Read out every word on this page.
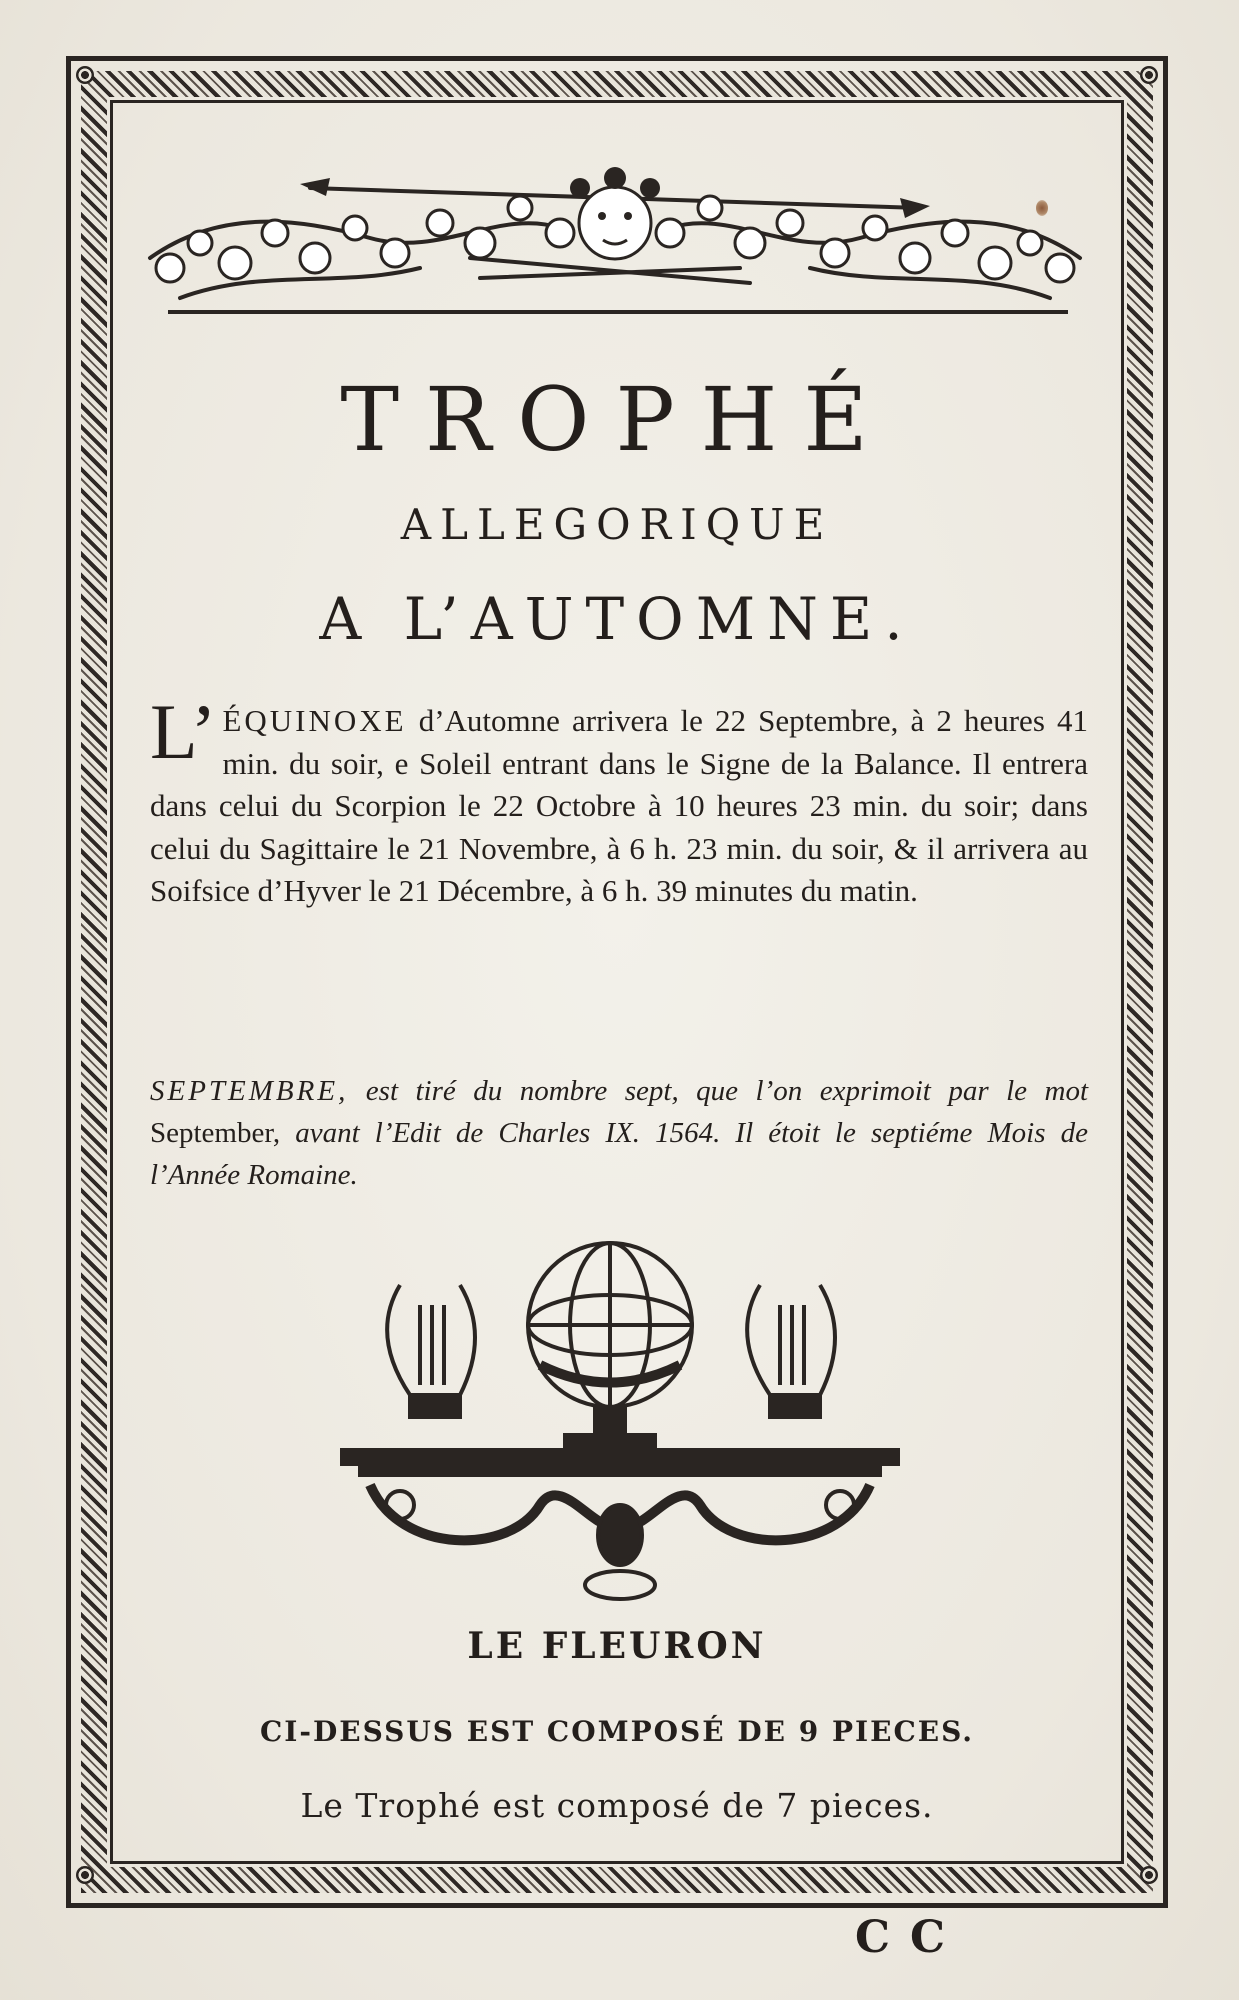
TROPHÉ
ALLEGORIQUE
A L’AUTOMNE.
L’ ÉQUINOXE d’Automne arrivera le 22 Septembre, à 2 heures 41 min. du soir, e Soleil entrant dans le Signe de la Balance. Il entrera dans celui du Scorpion le 22 Octobre à 10 heures 23 min. du soir; dans celui du Sagittaire le 21 Novembre, à 6 h. 23 min. du soir, & il arrivera au Soifsice d’Hyver le 21 Décembre, à 6 h. 39 minutes du matin.
SEPTEMBRE, est tiré du nombre sept, que l’on exprimoit par le mot September, avant l’Edit de Charles IX. 1564. Il étoit le septiéme Mois de l’Année Romaine.
LE FLEURON
CI-DESSUS EST COMPOSÉ DE 9 PIECES.
Le Trophé est composé de 7 pieces.
CC
